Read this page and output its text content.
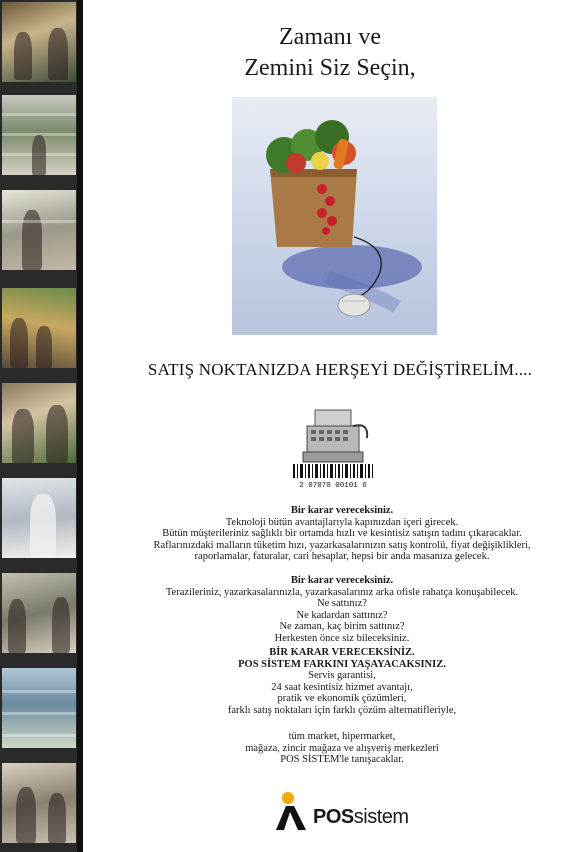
Zamanı ve
Zemini Siz Seçin,
SATIŞ NOKTANIZDA HERŞEYİ DEĞİŞTİRELİM....
2 07070 00101 6
Bir karar vereceksiniz.
Teknoloji bütün avantajlarıyla kapınızdan içeri girecek.
Bütün müşterileriniz sağlıklı bir ortamda hızlı ve kesintisiz satışın tadını çıkaracaklar.
Raflarınızdaki malların tüketim hızı, yazarkasalarınızın satış kontrolü, fiyat değişiklikleri,
raporlamalar, faturalar, cari hesaplar, hepsi bir anda masanıza gelecek.
Bir karar vereceksiniz.
Terazileriniz, yazarkasalarınızla, yazarkasalarınız arka ofisle rahatça konuşabilecek.
Ne sattınız?
Ne kadardan sattınız?
Ne zaman, kaç birim sattınız?
Herkesten önce siz bileceksiniz.
BİR KARAR VERECEKSİNİZ.
POS SİSTEM FARKINI YAŞAYACAKSINIZ.
Servis garantisi,
24 saat kesintisiz hizmet avantajı,
pratik ve ekonomik çözümleri,
farklı satış noktaları için farklı çözüm alternatifleriyle,
tüm market, hipermarket,
mağaza, zincir mağaza ve alışveriş merkezleri
POS SİSTEM'le tanışacaklar.
POSsistem
